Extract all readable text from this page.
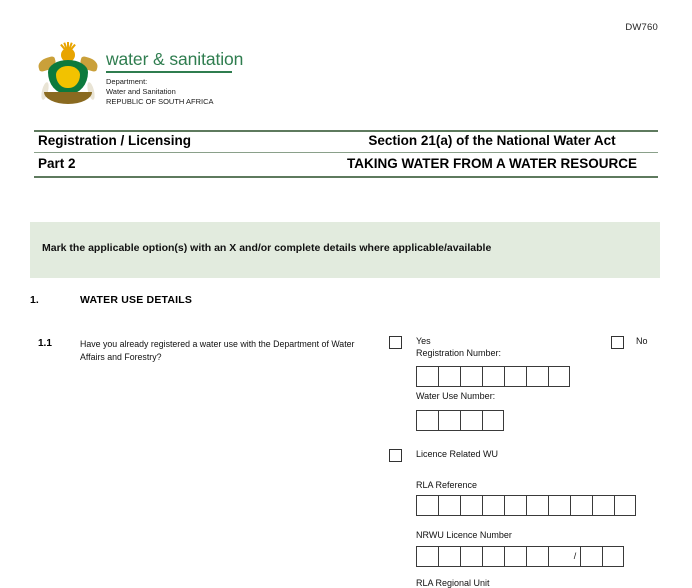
DW760
water & sanitation
Department:
Water and Sanitation
REPUBLIC OF SOUTH AFRICA
Registration / Licensing	Section 21(a) of the National Water Act
Part 2	TAKING WATER FROM A WATER RESOURCE
Mark the applicable option(s) with an X and/or complete details where applicable/available
1.	WATER USE DETAILS
1.1	Have you already registered a water use with the Department of Water Affairs and Forestry?
Yes	No
Registration Number:
Water Use Number:
Licence Related WU
RLA Reference
NRWU Licence Number
/
RLA Regional Unit
